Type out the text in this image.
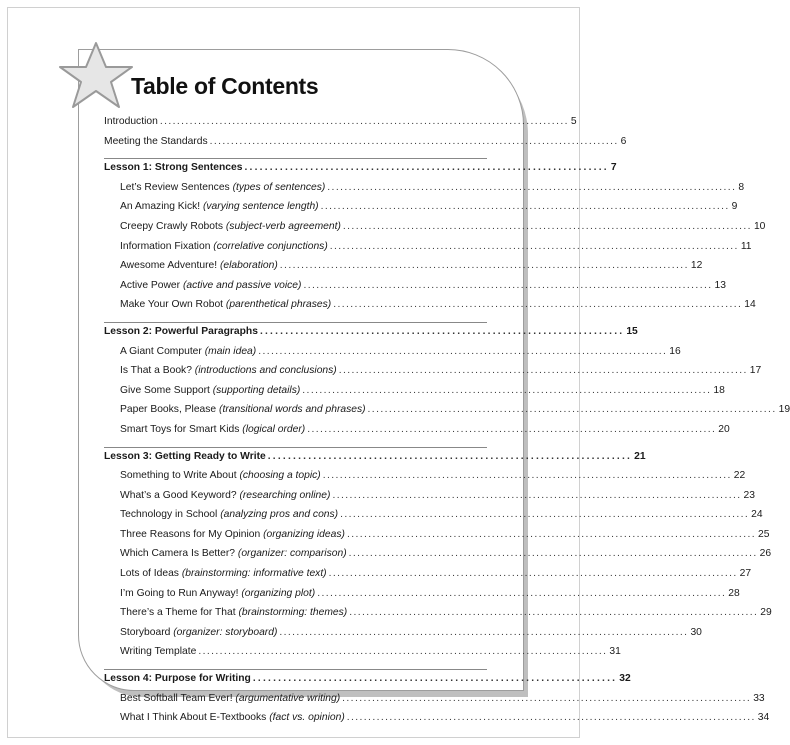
Table of Contents
Introduction ................................................................................................ 5
Meeting the Standards ................................................................................................ 6
Lesson 1: Strong Sentences ........................................................................ 7
Let’s Review Sentences (types of sentences) ................................................................................................ 8
An Amazing Kick! (varying sentence length) ................................................................................................ 9
Creepy Crawly Robots (subject-verb agreement) ................................................................................................ 10
Information Fixation (correlative conjunctions) ................................................................................................ 11
Awesome Adventure! (elaboration) ................................................................................................ 12
Active Power (active and passive voice) ................................................................................................ 13
Make Your Own Robot (parenthetical phrases) ................................................................................................ 14
Lesson 2: Powerful Paragraphs ........................................................................ 15
A Giant Computer (main idea) ................................................................................................ 16
Is That a Book? (introductions and conclusions) ................................................................................................ 17
Give Some Support (supporting details) ................................................................................................ 18
Paper Books, Please (transitional words and phrases) ................................................................................................ 19
Smart Toys for Smart Kids (logical order) ................................................................................................ 20
Lesson 3: Getting Ready to Write ........................................................................ 21
Something to Write About (choosing a topic) ................................................................................................ 22
What’s a Good Keyword? (researching online) ................................................................................................ 23
Technology in School (analyzing pros and cons) ................................................................................................ 24
Three Reasons for My Opinion (organizing ideas) ................................................................................................ 25
Which Camera Is Better? (organizer: comparison) ................................................................................................ 26
Lots of Ideas (brainstorming: informative text) ................................................................................................ 27
I’m Going to Run Anyway! (organizing plot) ................................................................................................ 28
There’s a Theme for That (brainstorming: themes) ................................................................................................ 29
Storyboard (organizer: storyboard) ................................................................................................ 30
Writing Template ................................................................................................ 31
Lesson 4: Purpose for Writing ........................................................................ 32
Best Softball Team Ever! (argumentative writing) ................................................................................................ 33
What I Think About E-Textbooks (fact vs. opinion) ................................................................................................ 34
